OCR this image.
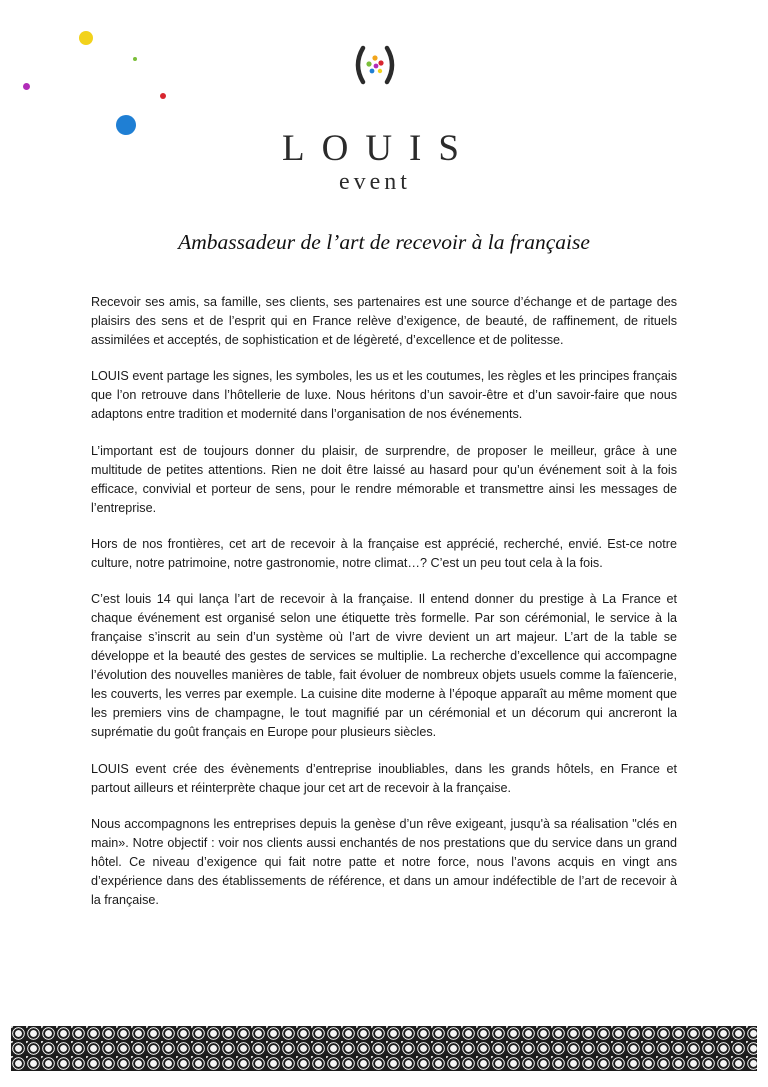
LOUIS
event
Ambassadeur de l’art de recevoir à la française

Recevoir ses amis, sa famille, ses clients, ses partenaires est une source d’échange et de partage des plaisirs des sens et de l’esprit qui en France relève d’exigence, de beauté, de raffinement, de rituels assimilées et acceptés, de sophistication et de légèreté, d’excellence et de politesse.

LOUIS event partage les signes, les symboles, les us et les coutumes, les règles et les principes français que l’on retrouve dans l’hôtellerie de luxe. Nous héritons d’un savoir-être et d’un savoir-faire que nous adaptons entre tradition et modernité dans l’organisation de nos événements.

L’important est de toujours donner du plaisir, de surprendre, de proposer le meilleur, grâce à une multitude de petites attentions. Rien ne doit être laissé au hasard pour qu’un événement soit à la fois efficace, convivial et porteur de sens, pour le rendre mémorable et transmettre ainsi les messages de l’entreprise.

Hors de nos frontières, cet art de recevoir à la française est apprécié, recherché, envié. Est-ce notre culture, notre patrimoine, notre gastronomie, notre climat…? C’est un peu tout cela à la fois.

C’est louis 14 qui lança l’art de recevoir à la française. Il entend donner du prestige à La France et chaque événement est organisé selon une étiquette très formelle. Par son cérémonial, le service à la française s’inscrit au sein d’un système où l’art de vivre devient un art majeur. L’art de la table se développe et la beauté des gestes de services se multiplie. La recherche d’excellence qui accompagne l’évolution des nouvelles manières de table, fait évoluer de nombreux objets usuels comme la faïencerie, les couverts, les verres par exemple. La cuisine dite moderne à l’époque apparaît au même moment que les premiers vins de champagne, le tout magnifié par un cérémonial et un décorum qui ancreront la suprématie du goût français en Europe pour plusieurs siècles.

LOUIS event crée des évènements d’entreprise inoubliables, dans les grands hôtels, en France et partout ailleurs et réinterprète chaque jour cet art de recevoir à la française.

Nous accompagnons les entreprises depuis la genèse d’un rêve exigeant, jusqu'à sa réalisation "clés en main». Notre objectif : voir nos clients aussi enchantés de nos prestations que du service dans un grand hôtel. Ce niveau d’exigence qui fait notre patte et notre force, nous l’avons acquis en vingt ans d’expérience dans des établissements de référence, et dans un amour indéfectible de l’art de recevoir à la française.
